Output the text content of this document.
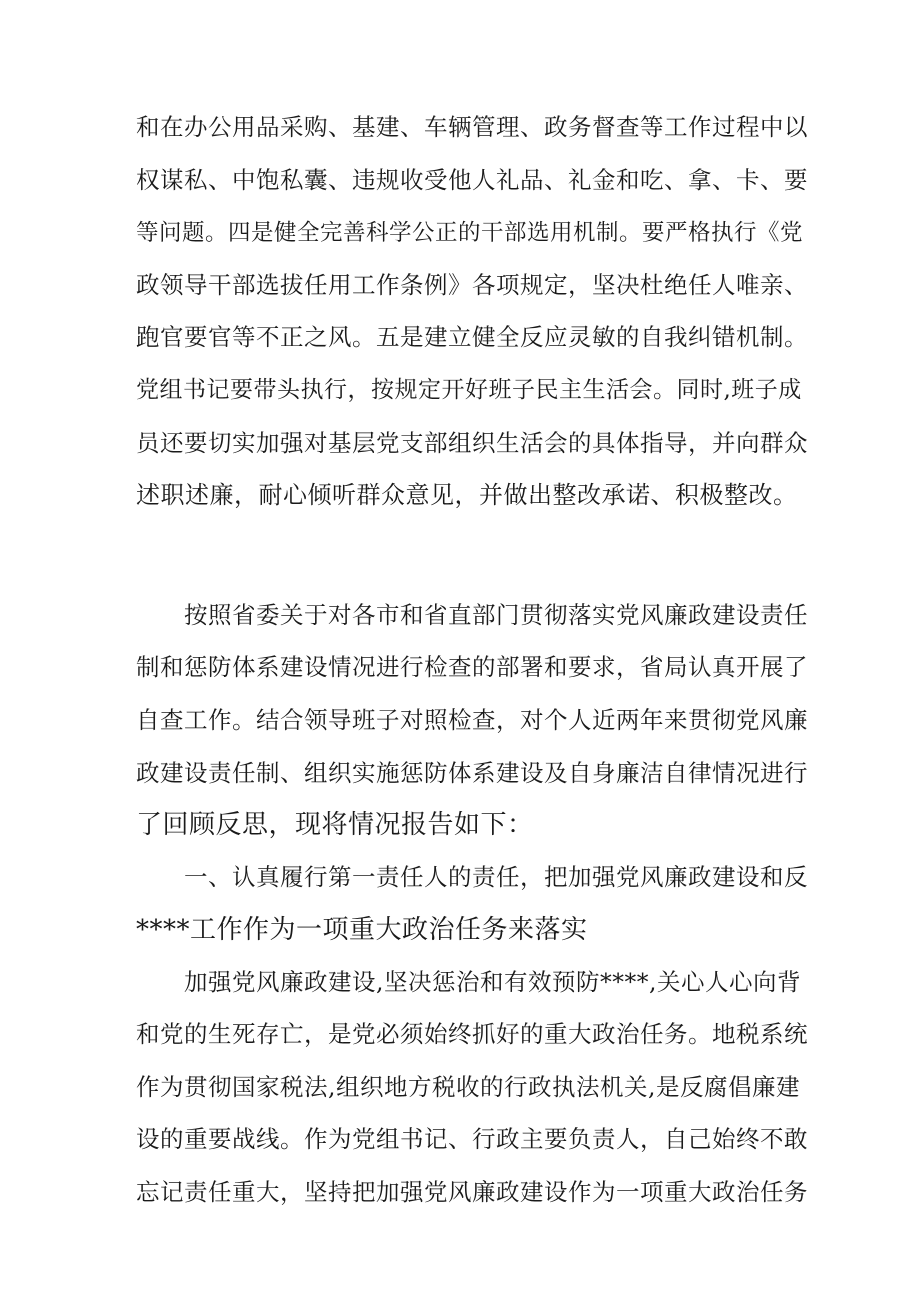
和在办公用品采购、基建、车辆管理、政务督查等工作过程中以
权谋私、中饱私囊、违规收受他人礼品、礼金和吃、拿、卡、要
等问题。四是健全完善科学公正的干部选用机制。要严格执行《党
政领导干部选拔任用工作条例》各项规定，坚决杜绝任人唯亲、
跑官要官等不正之风。五是建立健全反应灵敏的自我纠错机制。
党组书记要带头执行，按规定开好班子民主生活会。同时,班子成
员还要切实加强对基层党支部组织生活会的具体指导，并向群众
述职述廉，耐心倾听群众意见，并做出整改承诺、积极整改。
按照省委关于对各市和省直部门贯彻落实党风廉政建设责任
制和惩防体系建设情况进行检查的部署和要求，省局认真开展了
自查工作。结合领导班子对照检查，对个人近两年来贯彻党风廉
政建设责任制、组织实施惩防体系建设及自身廉洁自律情况进行
了回顾反思，现将情况报告如下：
一、认真履行第一责任人的责任，把加强党风廉政建设和反
****工作作为一项重大政治任务来落实
加强党风廉政建设,坚决惩治和有效预防****,关心人心向背
和党的生死存亡，是党必须始终抓好的重大政治任务。地税系统
作为贯彻国家税法,组织地方税收的行政执法机关,是反腐倡廉建
设的重要战线。作为党组书记、行政主要负责人，自己始终不敢
忘记责任重大，坚持把加强党风廉政建设作为一项重大政治任务
